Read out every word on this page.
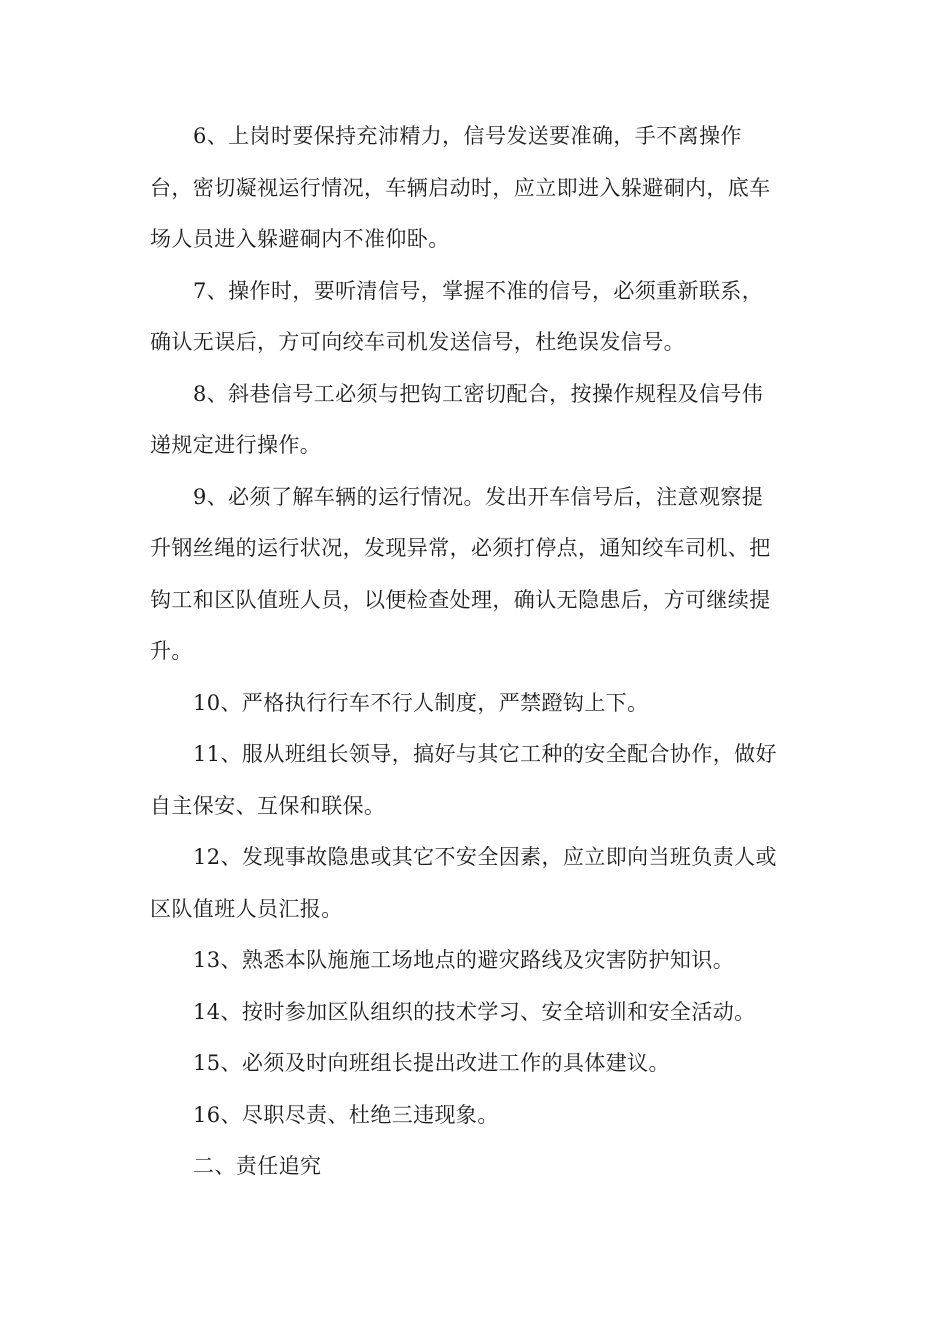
6、上岗时要保持充沛精力，信号发送要准确，手不离操作
台，密切凝视运行情况，车辆启动时，应立即进入躲避硐内，底车
场人员进入躲避硐内不准仰卧。

7、操作时，要听清信号，掌握不准的信号，必须重新联系，
确认无误后，方可向绞车司机发送信号，杜绝误发信号。

8、斜巷信号工必须与把钩工密切配合，按操作规程及信号伟
递规定进行操作。

9、必须了解车辆的运行情况。发出开车信号后，注意观察提
升钢丝绳的运行状况，发现异常，必须打停点，通知绞车司机、把
钩工和区队值班人员，以便检查处理，确认无隐患后，方可继续提
升。

10、严格执行行车不行人制度，严禁蹬钩上下。

11、服从班组长领导，搞好与其它工种的安全配合协作，做好
自主保安、互保和联保。

12、发现事故隐患或其它不安全因素，应立即向当班负责人或
区队值班人员汇报。

13、熟悉本队施施工场地点的避灾路线及灾害防护知识。

14、按时参加区队组织的技术学习、安全培训和安全活动。

15、必须及时向班组长提出改进工作的具体建议。

16、尽职尽责、杜绝三违现象。

二、责任追究
